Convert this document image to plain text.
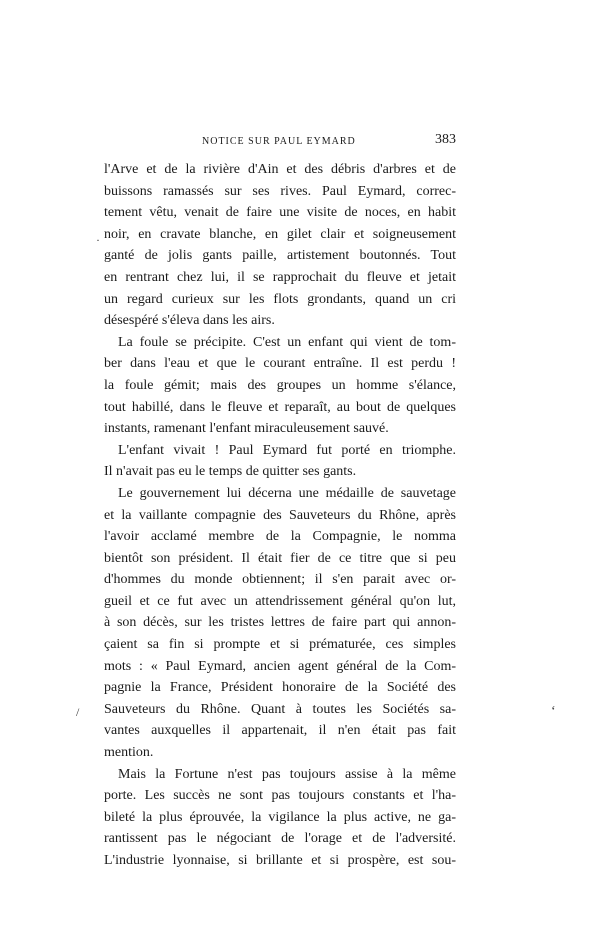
NOTICE SUR PAUL EYMARD	383
l'Arve et de la rivière d'Ain et des débris d'arbres et de
buissons ramassés sur ses rives. Paul Eymard, correc-
tement vêtu, venait de faire une visite de noces, en habit
noir, en cravate blanche, en gilet clair et soigneusement
ganté de jolis gants paille, artistement boutonnés. Tout
en rentrant chez lui, il se rapprochait du fleuve et jetait
un regard curieux sur les flots grondants, quand un cri
désespéré s'éleva dans les airs.
La foule se précipite. C'est un enfant qui vient de tom-
ber dans l'eau et que le courant entraîne. Il est perdu !
la foule gémit; mais des groupes un homme s'élance,
tout habillé, dans le fleuve et reparaît, au bout de quelques
instants, ramenant l'enfant miraculeusement sauvé.
L'enfant vivait ! Paul Eymard fut porté en triomphe.
Il n'avait pas eu le temps de quitter ses gants.
Le gouvernement lui décerna une médaille de sauvetage
et la vaillante compagnie des Sauveteurs du Rhône, après
l'avoir acclamé membre de la Compagnie, le nomma
bientôt son président. Il était fier de ce titre que si peu
d'hommes du monde obtiennent; il s'en parait avec or-
gueil et ce fut avec un attendrissement général qu'on lut,
à son décès, sur les tristes lettres de faire part qui annon-
çaient sa fin si prompte et si prématurée, ces simples
mots : « Paul Eymard, ancien agent général de la Com-
pagnie la France, Président honoraire de la Société des
Sauveteurs du Rhône. Quant à toutes les Sociétés sa-
vantes auxquelles il appartenait, il n'en était pas fait
mention.
Mais la Fortune n'est pas toujours assise à la même
porte. Les succès ne sont pas toujours constants et l'ha-
bileté la plus éprouvée, la vigilance la plus active, ne ga-
rantissent pas le négociant de l'orage et de l'adversité.
L'industrie lyonnaise, si brillante et si prospère, est sou-
·
/	ʻ
